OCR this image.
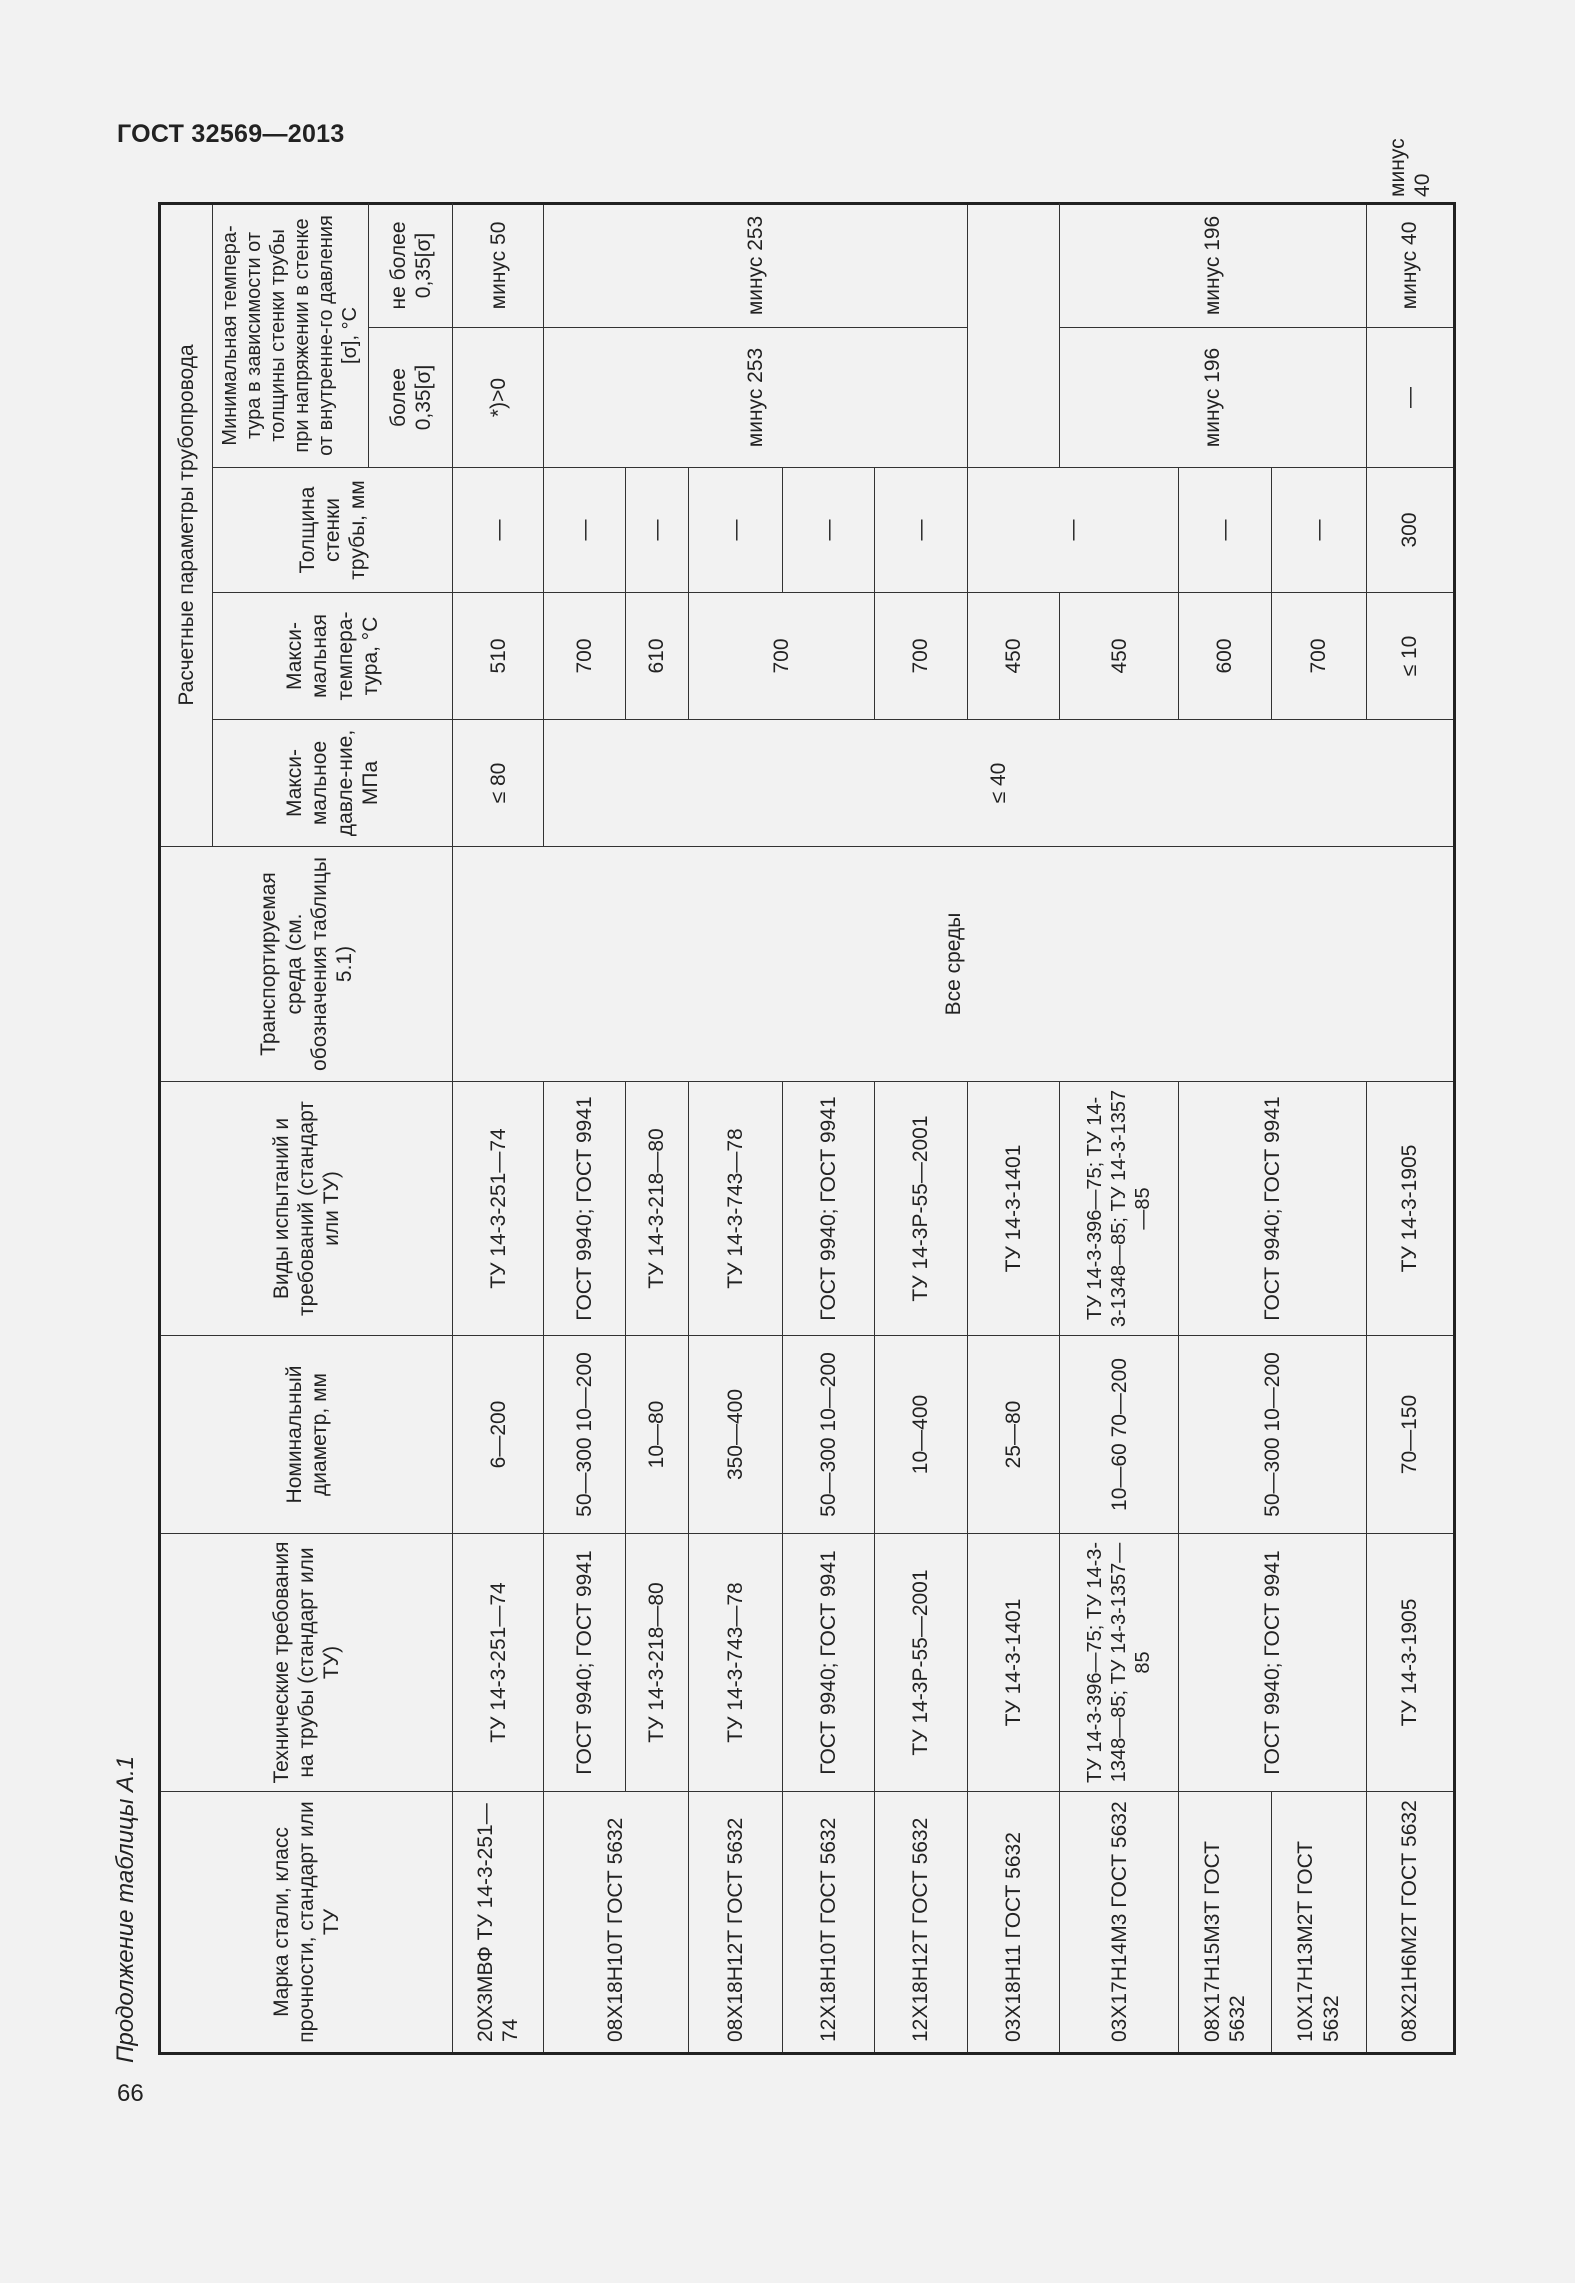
ГОСТ 32569—2013
Продолжение таблицы А.1
66
Марка стали, класс прочности, стандарт или ТУ	Технические требования на трубы (стандарт или ТУ)	Номинальный диаметр, мм	Виды испытаний и требований (стандарт или ТУ)	Транспортируемая среда (см. обозначения таблицы 5.1)	Расчетные параметры трубопровода					
					Макси-мальное давле-ние, МПа	Макси-мальная темпера-тура, °С	Толщина стенки трубы, мм	Минимальная темпера-тура в зависимости от толщины стенки трубы при напряжении в стенке от внутренне-го давления [σ], °С		
								более 0,35[σ]	не более 0,35[σ]	
20Х3МВФ ТУ 14-3-251—74	ТУ 14-3-251—74	6—200	ТУ 14-3-251—74	Все среды	≤ 80	510	—	*)>0	минус 50	
08Х18Н10Т ГОСТ 5632	ГОСТ 9940; ГОСТ 9941	50—300 10—200	ГОСТ 9940; ГОСТ 9941		≤ 40	700	—	минус 253	минус 253	
	ТУ 14-3-218—80	10—80	ТУ 14-3-218—80			610	—			
08Х18Н12Т ГОСТ 5632	ТУ 14-3-743—78	350—400	ТУ 14-3-743—78			700	—			
12Х18Н10Т ГОСТ 5632	ГОСТ 9940; ГОСТ 9941	50—300 10—200	ГОСТ 9940; ГОСТ 9941				—			
12Х18Н12Т ГОСТ 5632	ТУ 14-3Р-55—2001	10—400	ТУ 14-3Р-55—2001			700	—			
03Х18Н11 ГОСТ 5632	ТУ 14-3-1401	25—80	ТУ 14-3-1401			450	—			
03Х17Н14М3 ГОСТ 5632	ТУ 14-3-396—75; ТУ 14-3-1348—85; ТУ 14-3-1357—85	10—60 70—200	ТУ 14-3-396—75; ТУ 14-3-1348—85; ТУ 14-3-1357—85			450		минус 196	минус 196	
08Х17Н15М3Т ГОСТ 5632	ГОСТ 9940; ГОСТ 9941	50—300 10—200	ГОСТ 9940; ГОСТ 9941			600	—			
10Х17Н13М2Т ГОСТ 5632						700	—			
08Х21Н6М2Т ГОСТ 5632	ТУ 14-3-1905	70—150	ТУ 14-3-1905			≤ 10	300	—	минус 40	минус 40
